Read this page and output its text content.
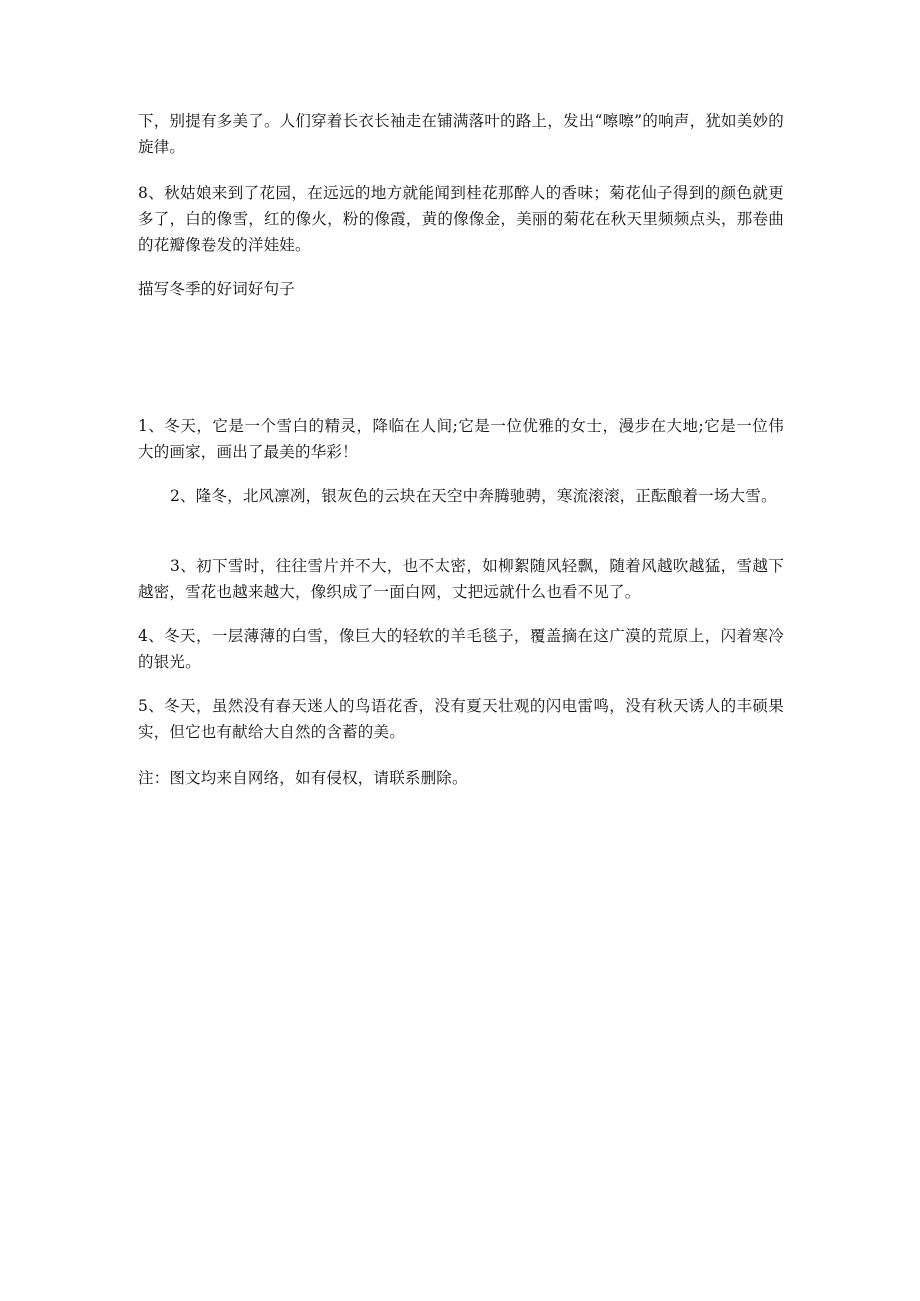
下，别提有多美了。人们穿着长衣长袖走在铺满落叶的路上，发出“嚓嚓”的响声，犹如美妙的旋律。

8、秋姑娘来到了花园，在远远的地方就能闻到桂花那醉人的香味；菊花仙子得到的颜色就更多了，白的像雪，红的像火，粉的像霞，黄的像像金，美丽的菊花在秋天里频频点头，那卷曲的花瓣像卷发的洋娃娃。

描写冬季的好词好句子

1、冬天，它是一个雪白的精灵，降临在人间;它是一位优雅的女士，漫步在大地;它是一位伟大的画家，画出了最美的华彩！

2、隆冬，北风凛冽，银灰色的云块在天空中奔腾驰骋，寒流滚滚，正酝酿着一场大雪。

3、初下雪时，往往雪片并不大，也不太密，如柳絮随风轻飘，随着风越吹越猛，雪越下越密，雪花也越来越大，像织成了一面白网，丈把远就什么也看不见了。

4、冬天，一层薄薄的白雪，像巨大的轻软的羊毛毯子，覆盖摘在这广漠的荒原上，闪着寒冷的银光。

5、冬天，虽然没有春天迷人的鸟语花香，没有夏天壮观的闪电雷鸣，没有秋天诱人的丰硕果实，但它也有献给大自然的含蓄的美。

注：图文均来自网络，如有侵权，请联系删除。
